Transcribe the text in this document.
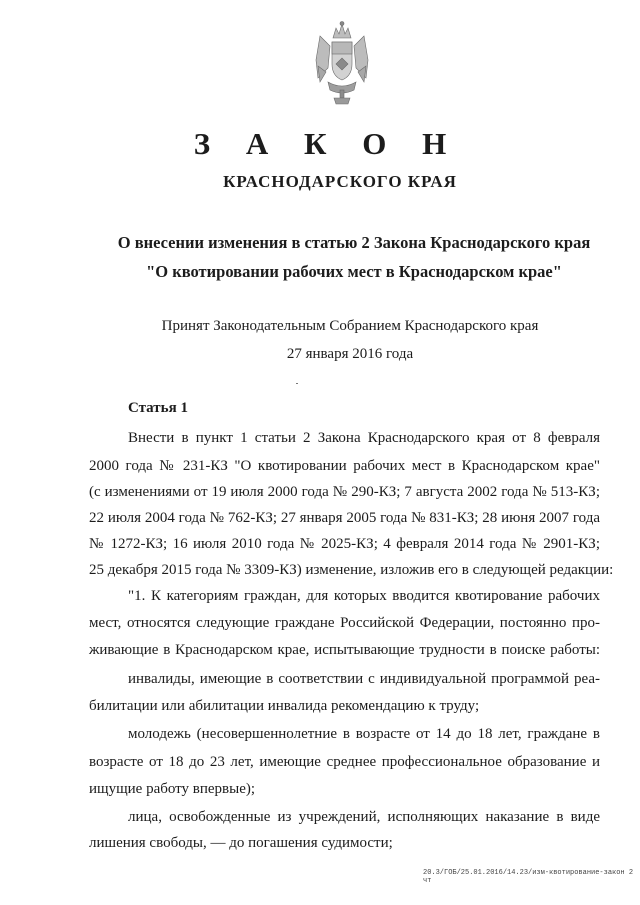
З А К О Н
КРАСНОДАРСКОГО КРАЯ
О внесении изменения в статью 2 Закона Краснодарского края
"О квотировании рабочих мест в Краснодарском крае"
Принят Законодательным Собранием Краснодарского края
27 января 2016 года
Статья 1
Внести в пункт 1 статьи 2 Закона Краснодарского края от 8 февраля
2000 года № 231-КЗ "О квотировании рабочих мест в Краснодарском крае"
(с изменениями от 19 июля 2000 года № 290-КЗ; 7 августа 2002 года № 513-КЗ;
22 июля 2004 года № 762-КЗ; 27 января 2005 года № 831-КЗ; 28 июня 2007 года
№ 1272-КЗ; 16 июля 2010 года № 2025-КЗ; 4 февраля 2014 года № 2901-КЗ;
25 декабря 2015 года № 3309-КЗ) изменение, изложив его в следующей редакции:
"1. К категориям граждан, для которых вводится квотирование рабочих
мест, относятся следующие граждане Российской Федерации, постоянно про-
живающие в Краснодарском крае, испытывающие трудности в поиске работы:
инвалиды, имеющие в соответствии с индивидуальной программой реа-
билитации или абилитации инвалида рекомендацию к труду;
молодежь (несовершеннолетние в возрасте от 14 до 18 лет, граждане в
возрасте от 18 до 23 лет, имеющие среднее профессиональное образование и
ищущие работу впервые);
лица, освобожденные из учреждений, исполняющих наказание в виде
лишения свободы, — до погашения судимости;
20.3/ГОБ/25.01.2016/14.23/изм-квотирование-закон 2 чт
